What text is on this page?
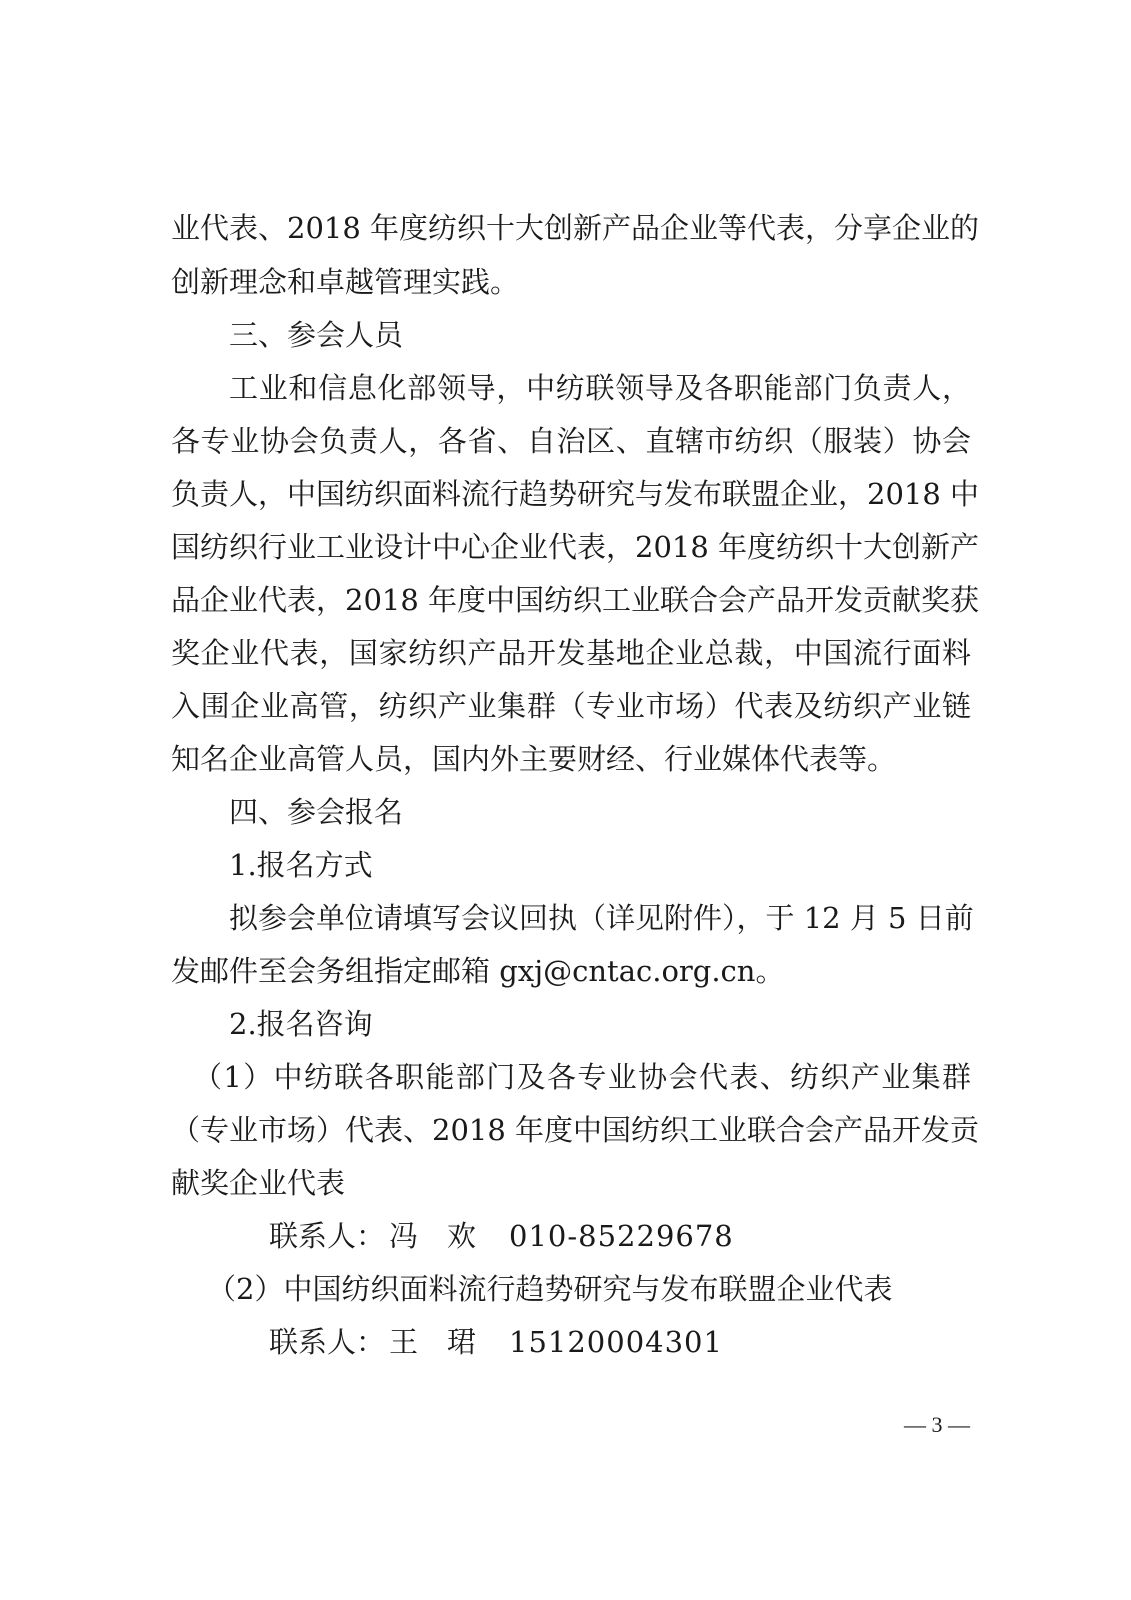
业代表、2018 年度纺织十大创新产品企业等代表，分享企业的
创新理念和卓越管理实践。
三、参会人员
工业和信息化部领导，中纺联领导及各职能部门负责人，
各专业协会负责人，各省、自治区、直辖市纺织（服装）协会
负责人，中国纺织面料流行趋势研究与发布联盟企业，2018 中
国纺织行业工业设计中心企业代表，2018 年度纺织十大创新产
品企业代表，2018 年度中国纺织工业联合会产品开发贡献奖获
奖企业代表，国家纺织产品开发基地企业总裁，中国流行面料
入围企业高管，纺织产业集群（专业市场）代表及纺织产业链
知名企业高管人员，国内外主要财经、行业媒体代表等。
四、参会报名
1.报名方式
拟参会单位请填写会议回执（详见附件），于 12 月 5 日前
发邮件至会务组指定邮箱 gxj@cntac.org.cn。
2.报名咨询
（1）中纺联各职能部门及各专业协会代表、纺织产业集群
（专业市场）代表、2018 年度中国纺织工业联合会产品开发贡
献奖企业代表
联系人： 冯　欢 010-85229678
（2）中国纺织面料流行趋势研究与发布联盟企业代表
联系人： 王　珺 15120004301
— 3 —
